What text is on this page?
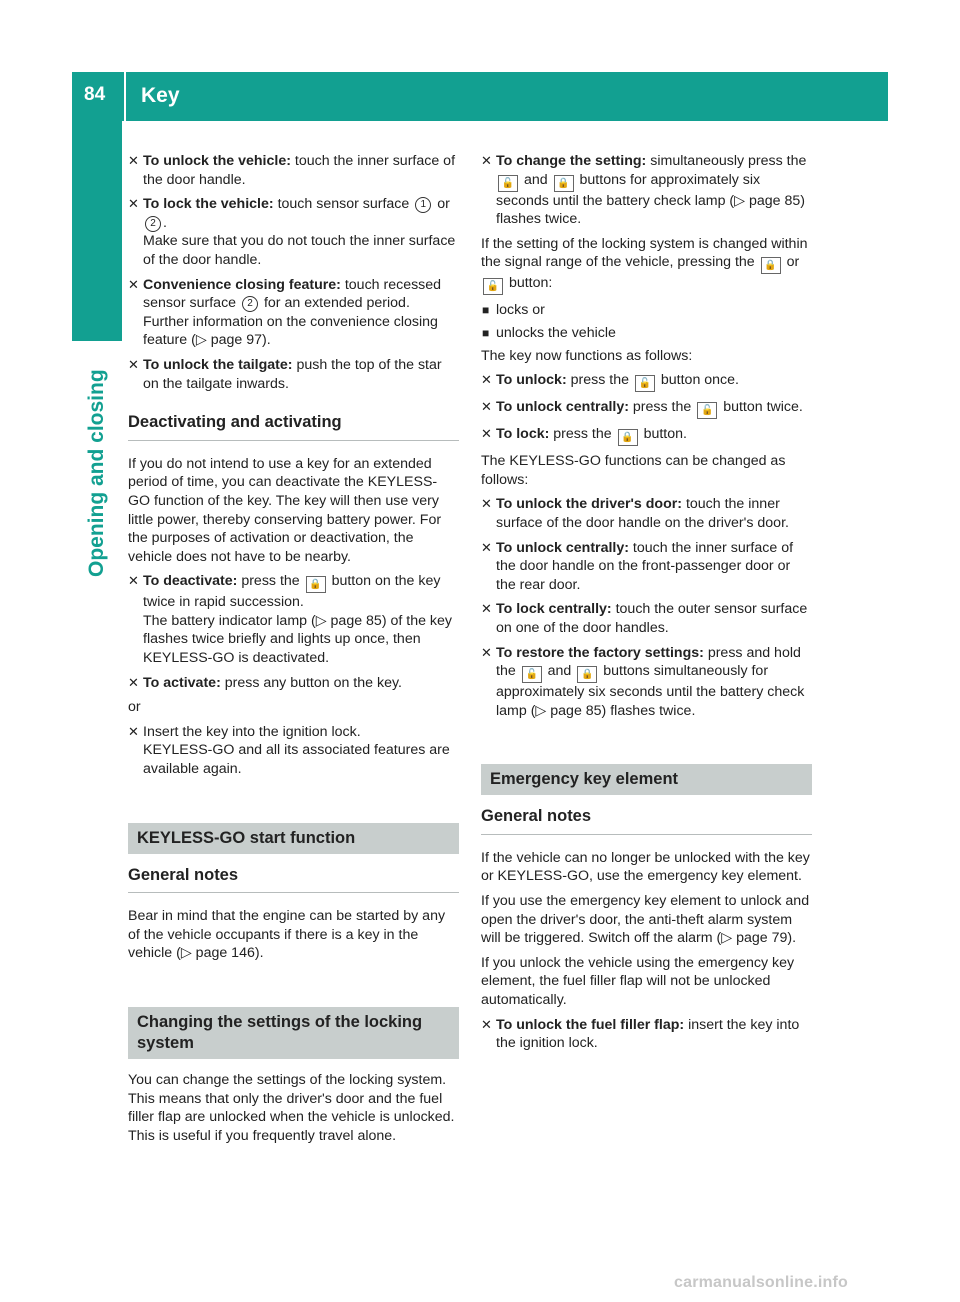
84 Key
Opening and closing
✕ To unlock the vehicle: touch the inner surface of the door handle.
✕ To lock the vehicle: touch sensor surface 1 or 2 .

Make sure that you do not touch the inner surface of the door handle.

✕ Convenience closing feature: touch recessed sensor surface 2 for an extended period.

Further information on the convenience closing feature (▷ page 97).

✕ To unlock the tailgate: push the top of the star on the tailgate inwards.
Deactivating and activating

If you do not intend to use a key for an extended period of time, you can deactivate the KEYLESS-GO function of the key. The key will then use very little power, thereby conserving battery power. For the purposes of activation or deactivation, the vehicle does not have to be nearby.

✕ To deactivate: press the 🔒 button on the key twice in rapid succession.

The battery indicator lamp (▷ page 85) of the key flashes twice briefly and lights up once, then KEYLESS-GO is deactivated.

✕ To activate: press any button on the key.

or

✕ Insert the key into the ignition lock.

KEYLESS-GO and all its associated features are available again.

KEYLESS-GO start function
General notes

Bear in mind that the engine can be started by any of the vehicle occupants if there is a key in the vehicle (▷ page 146).

Changing the settings of the locking system

You can change the settings of the locking system. This means that only the driver's door and the fuel filler flap are unlocked when the vehicle is unlocked. This is useful if you frequently travel alone.

✕ To change the setting: simultaneously press the 🔓 and 🔒 buttons for approximately six seconds until the battery check lamp (▷ page 85) flashes twice.

If the setting of the locking system is changed within the signal range of the vehicle, pressing the 🔒 or 🔓 button:

■ locks or
■ unlocks the vehicle

The key now functions as follows:

✕ To unlock: press the 🔓 button once.
✕ To unlock centrally: press the 🔓 button twice.
✕ To lock: press the 🔒 button.

The KEYLESS-GO functions can be changed as follows:

✕ To unlock the driver's door: touch the inner surface of the door handle on the driver's door.
✕ To unlock centrally: touch the inner surface of the door handle on the front-passenger door or the rear door.
✕ To lock centrally: touch the outer sensor surface on one of the door handles.
✕ To restore the factory settings: press and hold the 🔓 and 🔒 buttons simultaneously for approximately six seconds until the battery check lamp (▷ page 85) flashes twice.
Emergency key element
General notes

If the vehicle can no longer be unlocked with the key or KEYLESS-GO, use the emergency key element.

If you use the emergency key element to unlock and open the driver's door, the anti-theft alarm system will be triggered. Switch off the alarm (▷ page 79).

If you unlock the vehicle using the emergency key element, the fuel filler flap will not be unlocked automatically.

✕ To unlock the fuel filler flap: insert the key into the ignition lock.
carmanualsonline.info
